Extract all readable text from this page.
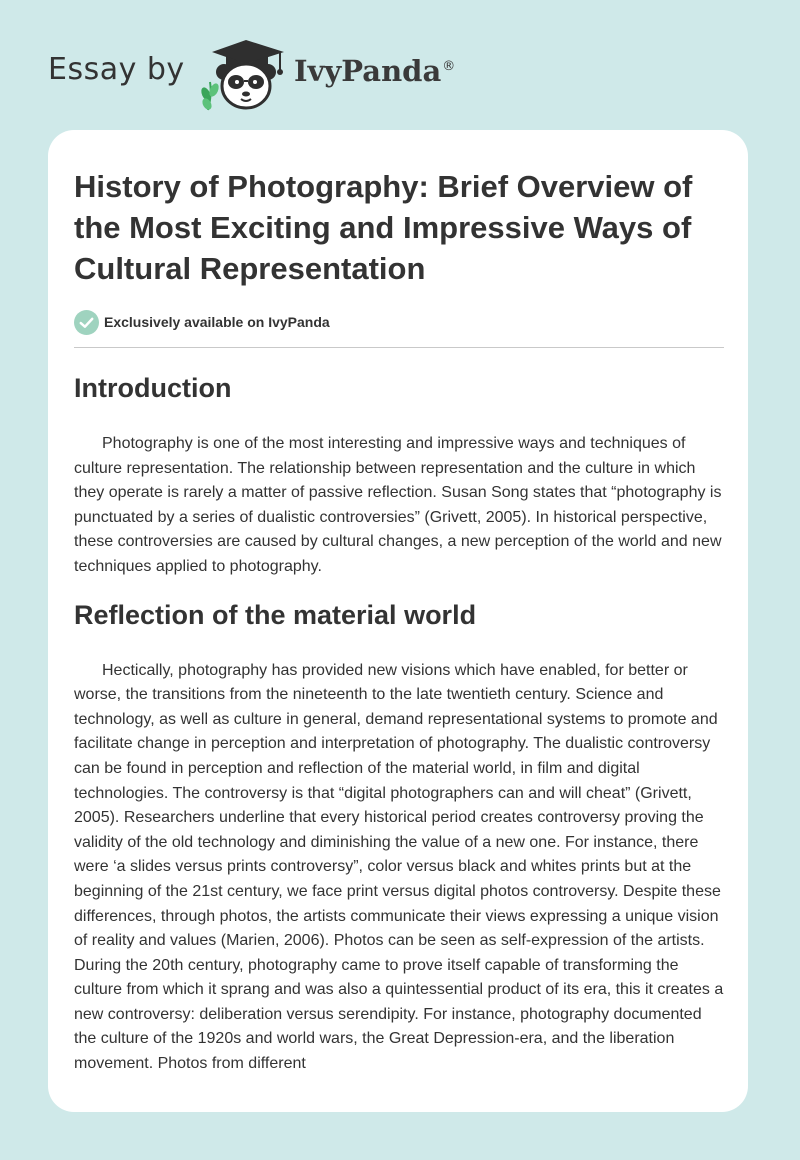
Essay by	IvyPanda®
History of Photography: Brief Overview of the Most Exciting and Impressive Ways of Cultural Representation
Exclusively available on IvyPanda
Introduction

Photography is one of the most interesting and impressive ways and techniques of culture representation. The relationship between representation and the culture in which they operate is rarely a matter of passive reflection. Susan Song states that “photography is punctuated by a series of dualistic controversies” (Grivett, 2005). In historical perspective, these controversies are caused by cultural changes, a new perception of the world and new techniques applied to photography.

Reflection of the material world

Hectically, photography has provided new visions which have enabled, for better or worse, the transitions from the nineteenth to the late twentieth century. Science and technology, as well as culture in general, demand representational systems to promote and facilitate change in perception and interpretation of photography. The dualistic controversy can be found in perception and reflection of the material world, in film and digital technologies. The controversy is that “digital photographers can and will cheat” (Grivett, 2005). Researchers underline that every historical period creates controversy proving the validity of the old technology and diminishing the value of a new one. For instance, there were ‘a slides versus prints controversy”, color versus black and whites prints but at the beginning of the 21st century, we face print versus digital photos controversy. Despite these differences, through photos, the artists communicate their views expressing a unique vision of reality and values (Marien, 2006). Photos can be seen as self-expression of the artists. During the 20th century, photography came to prove itself capable of transforming the culture from which it sprang and was also a quintessential product of its era, this it creates a new controversy: deliberation versus serendipity. For instance, photography documented the culture of the 1920s and world wars, the Great Depression-era, and the liberation movement. Photos from different
